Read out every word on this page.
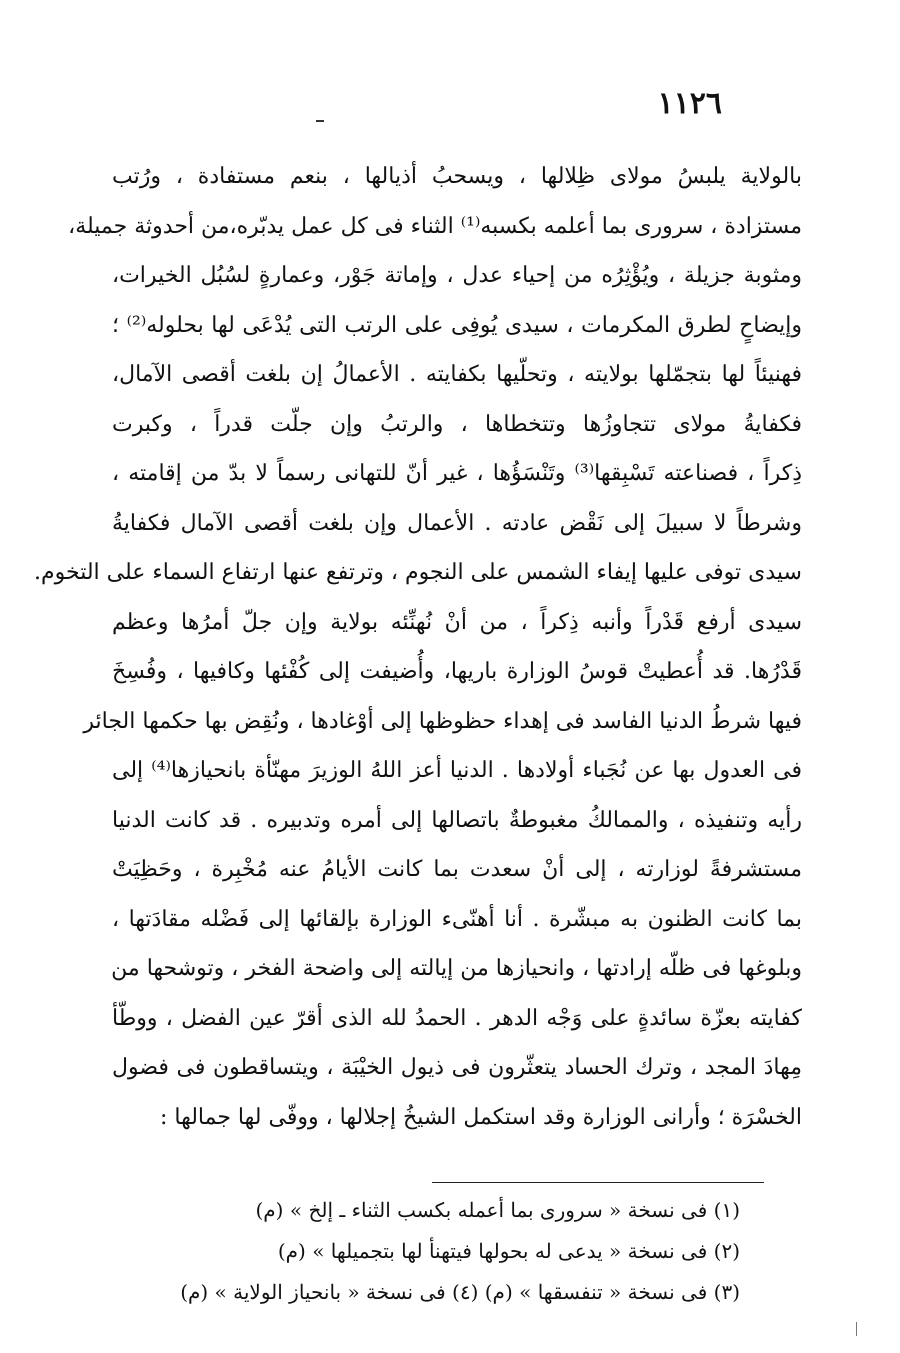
١١٢٦
بالولاية يلبسُ مولاى ظِلالها ، ويسحبُ أذيالها ، بنعم مستفادة ، ورُتب
مستزادة ، سرورى بما أعلمه بكسبه⁽¹⁾ الثناء فى كل عمل يدبّره،من أحدوثة جميلة،
ومثوبة جزيلة ، ويُؤْثِرُه من إحياء عدل ، وإماتة جَوْر، وعمارةٍ لسُبُل الخيرات،
وإيضاحٍ لطرق المكرمات ، سيدى يُوفِى على الرتب التى يُدْعَى لها بحلوله⁽²⁾ ؛
فهنيئاً لها بتجمّلها بولايته ، وتحلّيها بكفايته . الأعمالُ إن بلغت أقصى الآمال،
فكفايةُ مولاى تتجاوزُها وتتخطاها ، والرتبُ وإن جلّت قدراً ، وكبرت
ذِكراً ، فصناعته تَسْبِقها⁽³⁾ وتَنْسَؤُها ، غير أنّ للتهانى رسماً لا بدّ من إقامته ،
وشرطاً لا سبيلَ إلى نَقْض عادته . الأعمال وإن بلغت أقصى الآمال فكفايةُ
سيدى توفى عليها إيفاء الشمس على النجوم ، وترتفع عنها ارتفاع السماء على التخوم.
سيدى أرفع قَدْراً وأنبه ذِكراً ، من أنْ نُهنِّئه بولاية وإن جلّ أمرُها وعظم
قَدْرُها. قد أُعطيتْ قوسُ الوزارة باريها، وأُضيفت إلى كُفْئها وكافيها ، وفُسِخَ
فيها شرطُ الدنيا الفاسد فى إهداء حظوظها إلى أوْغادها ، ونُقِض بها حكمها الجائر
فى العدول بها عن نُجَباء أولادها . الدنيا أعز اللهُ الوزيرَ مهنّأة بانحيازها⁽⁴⁾ إلى
رأيه وتنفيذه ، والممالكُ مغبوطةٌ باتصالها إلى أمره وتدبيره . قد كانت الدنيا
مستشرفةً لوزارته ، إلى أنْ سعدت بما كانت الأيامُ عنه مُخْبِرة ، وحَظِيَتْ
بما كانت الظنون به مبشّرة . أنا أهنّىء الوزارة بإلقائها إلى فَضْله مقادَتها ،
وبلوغها فى ظلّه إرادتها ، وانحيازها من إيالته إلى واضحة الفخر ، وتوشحها من
كفايته بعزّة سائدةٍ على وَجْه الدهر . الحمدُ لله الذى أقرّ عين الفضل ، ووطّأ
مِهادَ المجد ، وترك الحساد يتعثّرون فى ذيول الخيْبَة ، ويتساقطون فى فضول
الخسْرَة ؛ وأرانى الوزارة وقد استكمل الشيخُ إجلالها ، ووفّى لها جمالها :
(١) فى نسخة « سرورى بما أعمله بكسب الثناء ـ إلخ » (م)
(٢) فى نسخة « يدعى له بحولها فيتهنأ لها بتجميلها » (م)
(٣) فى نسخة « تنفسقها » (م) (٤) فى نسخة « بانحياز الولاية » (م)
